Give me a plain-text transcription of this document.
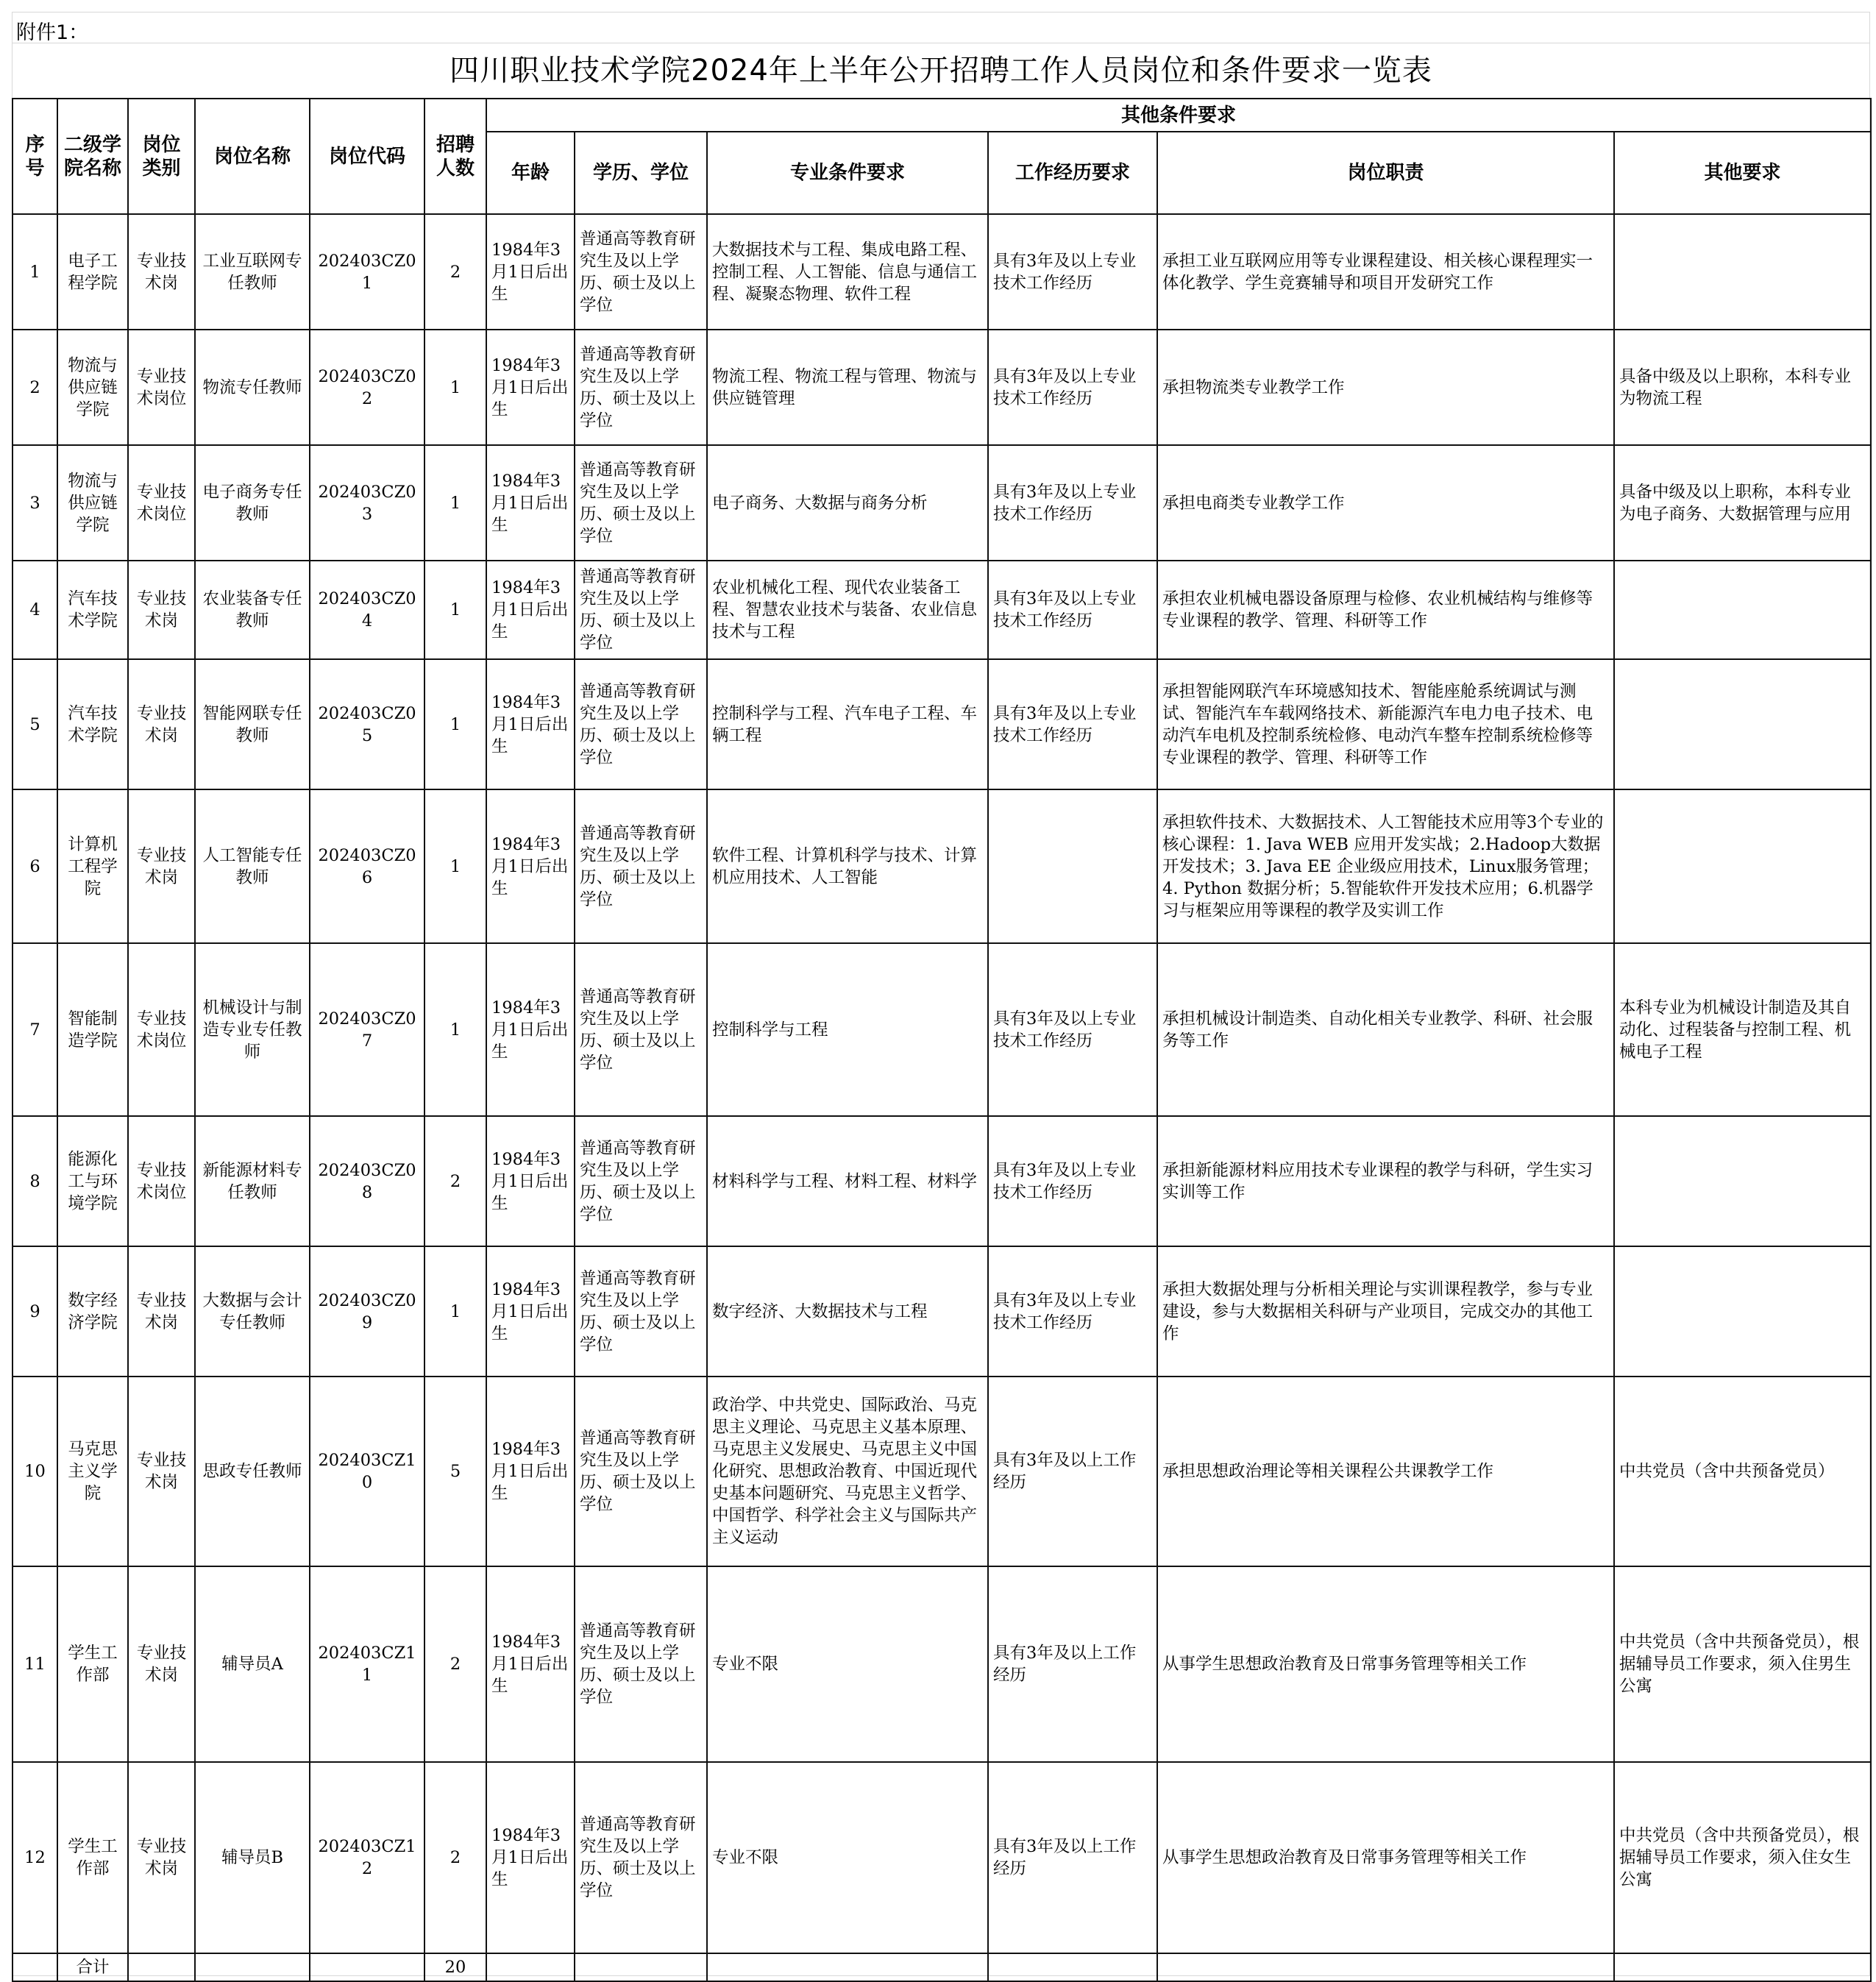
附件1：
四川职业技术学院2024年上半年公开招聘工作人员岗位和条件要求一览表
序号	二级学院名称	岗位类别	岗位名称	岗位代码	招聘人数	其他条件要求					
						年龄	学历、学位	专业条件要求	工作经历要求	岗位职责	其他要求
1	电子工程学院	专业技术岗	工业互联网专任教师	202403CZ01	2	1984年3月1日后出生	普通高等教育研究生及以上学历、硕士及以上学位	大数据技术与工程、集成电路工程、控制工程、人工智能、信息与通信工程、凝聚态物理、软件工程	具有3年及以上专业技术工作经历	承担工业互联网应用等专业课程建设、相关核心课程理实一体化教学、学生竞赛辅导和项目开发研究工作	
2	物流与供应链学院	专业技术岗位	物流专任教师	202403CZ02	1	1984年3月1日后出生	普通高等教育研究生及以上学历、硕士及以上学位	物流工程、物流工程与管理、物流与供应链管理	具有3年及以上专业技术工作经历	承担物流类专业教学工作	具备中级及以上职称，本科专业为物流工程
3	物流与供应链学院	专业技术岗位	电子商务专任教师	202403CZ03	1	1984年3月1日后出生	普通高等教育研究生及以上学历、硕士及以上学位	电子商务、大数据与商务分析	具有3年及以上专业技术工作经历	承担电商类专业教学工作	具备中级及以上职称，本科专业为电子商务、大数据管理与应用
4	汽车技术学院	专业技术岗	农业装备专任教师	202403CZ04	1	1984年3月1日后出生	普通高等教育研究生及以上学历、硕士及以上学位	农业机械化工程、现代农业装备工程、智慧农业技术与装备、农业信息技术与工程	具有3年及以上专业技术工作经历	承担农业机械电器设备原理与检修、农业机械结构与维修等专业课程的教学、管理、科研等工作	
5	汽车技术学院	专业技术岗	智能网联专任教师	202403CZ05	1	1984年3月1日后出生	普通高等教育研究生及以上学历、硕士及以上学位	控制科学与工程、汽车电子工程、车辆工程	具有3年及以上专业技术工作经历	承担智能网联汽车环境感知技术、智能座舱系统调试与测试、智能汽车车载网络技术、新能源汽车电力电子技术、电动汽车电机及控制系统检修、电动汽车整车控制系统检修等专业课程的教学、管理、科研等工作	
6	计算机工程学院	专业技术岗	人工智能专任教师	202403CZ06	1	1984年3月1日后出生	普通高等教育研究生及以上学历、硕士及以上学位	软件工程、计算机科学与技术、计算机应用技术、人工智能		承担软件技术、大数据技术、人工智能技术应用等3个专业的核心课程：1. Java WEB 应用开发实战；2.Hadoop大数据开发技术；3. Java EE 企业级应用技术，Linux服务管理；4. Python 数据分析；5.智能软件开发技术应用；6.机器学习与框架应用等课程的教学及实训工作	
7	智能制造学院	专业技术岗位	机械设计与制造专业专任教师	202403CZ07	1	1984年3月1日后出生	普通高等教育研究生及以上学历、硕士及以上学位	控制科学与工程	具有3年及以上专业技术工作经历	承担机械设计制造类、自动化相关专业教学、科研、社会服务等工作	本科专业为机械设计制造及其自动化、过程装备与控制工程、机械电子工程
8	能源化工与环境学院	专业技术岗位	新能源材料专任教师	202403CZ08	2	1984年3月1日后出生	普通高等教育研究生及以上学历、硕士及以上学位	材料科学与工程、材料工程、材料学	具有3年及以上专业技术工作经历	承担新能源材料应用技术专业课程的教学与科研，学生实习实训等工作	
9	数字经济学院	专业技术岗	大数据与会计专任教师	202403CZ09	1	1984年3月1日后出生	普通高等教育研究生及以上学历、硕士及以上学位	数字经济、大数据技术与工程	具有3年及以上专业技术工作经历	承担大数据处理与分析相关理论与实训课程教学，参与专业建设，参与大数据相关科研与产业项目，完成交办的其他工作	
10	马克思主义学院	专业技术岗	思政专任教师	202403CZ10	5	1984年3月1日后出生	普通高等教育研究生及以上学历、硕士及以上学位	政治学、中共党史、国际政治、马克思主义理论、马克思主义基本原理、马克思主义发展史、马克思主义中国化研究、思想政治教育、中国近现代史基本问题研究、马克思主义哲学、中国哲学、科学社会主义与国际共产主义运动	具有3年及以上工作经历	承担思想政治理论等相关课程公共课教学工作	中共党员（含中共预备党员）
11	学生工作部	专业技术岗	辅导员A	202403CZ11	2	1984年3月1日后出生	普通高等教育研究生及以上学历、硕士及以上学位	专业不限	具有3年及以上工作经历	从事学生思想政治教育及日常事务管理等相关工作	中共党员（含中共预备党员），根据辅导员工作要求，须入住男生公寓
12	学生工作部	专业技术岗	辅导员B	202403CZ12	2	1984年3月1日后出生	普通高等教育研究生及以上学历、硕士及以上学位	专业不限	具有3年及以上工作经历	从事学生思想政治教育及日常事务管理等相关工作	中共党员（含中共预备党员），根据辅导员工作要求，须入住女生公寓
	合计				20						
